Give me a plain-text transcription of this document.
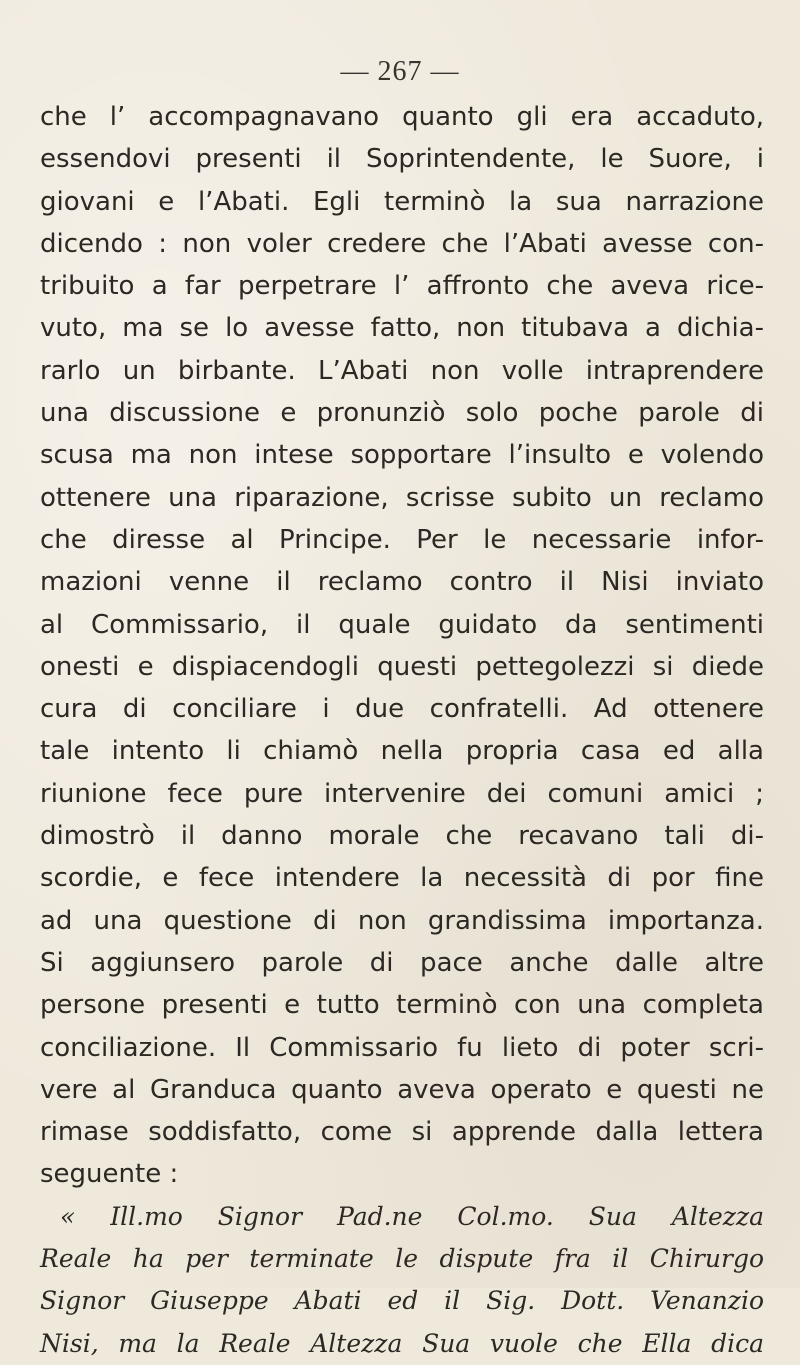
— 267 —
che l’ accompagnavano quanto gli era accaduto,
essendovi presenti il Soprintendente, le Suore, i
giovani e l’Abati. Egli terminò la sua narrazione
dicendo : non voler credere che l’Abati avesse con-
tribuito a far perpetrare l’ affronto che aveva rice-
vuto, ma se lo avesse fatto, non titubava a dichia-
rarlo un birbante. L’Abati non volle intraprendere
una discussione e pronunziò solo poche parole di
scusa ma non intese sopportare l’insulto e volendo
ottenere una riparazione, scrisse subito un reclamo
che diresse al Principe. Per le necessarie infor-
mazioni venne il reclamo contro il Nisi inviato
al Commissario, il quale guidato da sentimenti
onesti e dispiacendogli questi pettegolezzi si diede
cura di conciliare i due confratelli. Ad ottenere
tale intento li chiamò nella propria casa ed alla
riunione fece pure intervenire dei comuni amici ;
dimostrò il danno morale che recavano tali di-
scordie, e fece intendere la necessità di por fine
ad una questione di non grandissima importanza.
Si aggiunsero parole di pace anche dalle altre
persone presenti e tutto terminò con una completa
conciliazione. Il Commissario fu lieto di poter scri-
vere al Granduca quanto aveva operato e questi ne
rimase soddisfatto, come si apprende dalla lettera
seguente :
« Ill.mo Signor Pad.ne Col.mo. Sua Altezza
Reale ha per terminate le dispute fra il Chirurgo
Signor Giuseppe Abati ed il Sig. Dott. Venanzio
Nisi, ma la Reale Altezza Sua vuole che Ella dica
